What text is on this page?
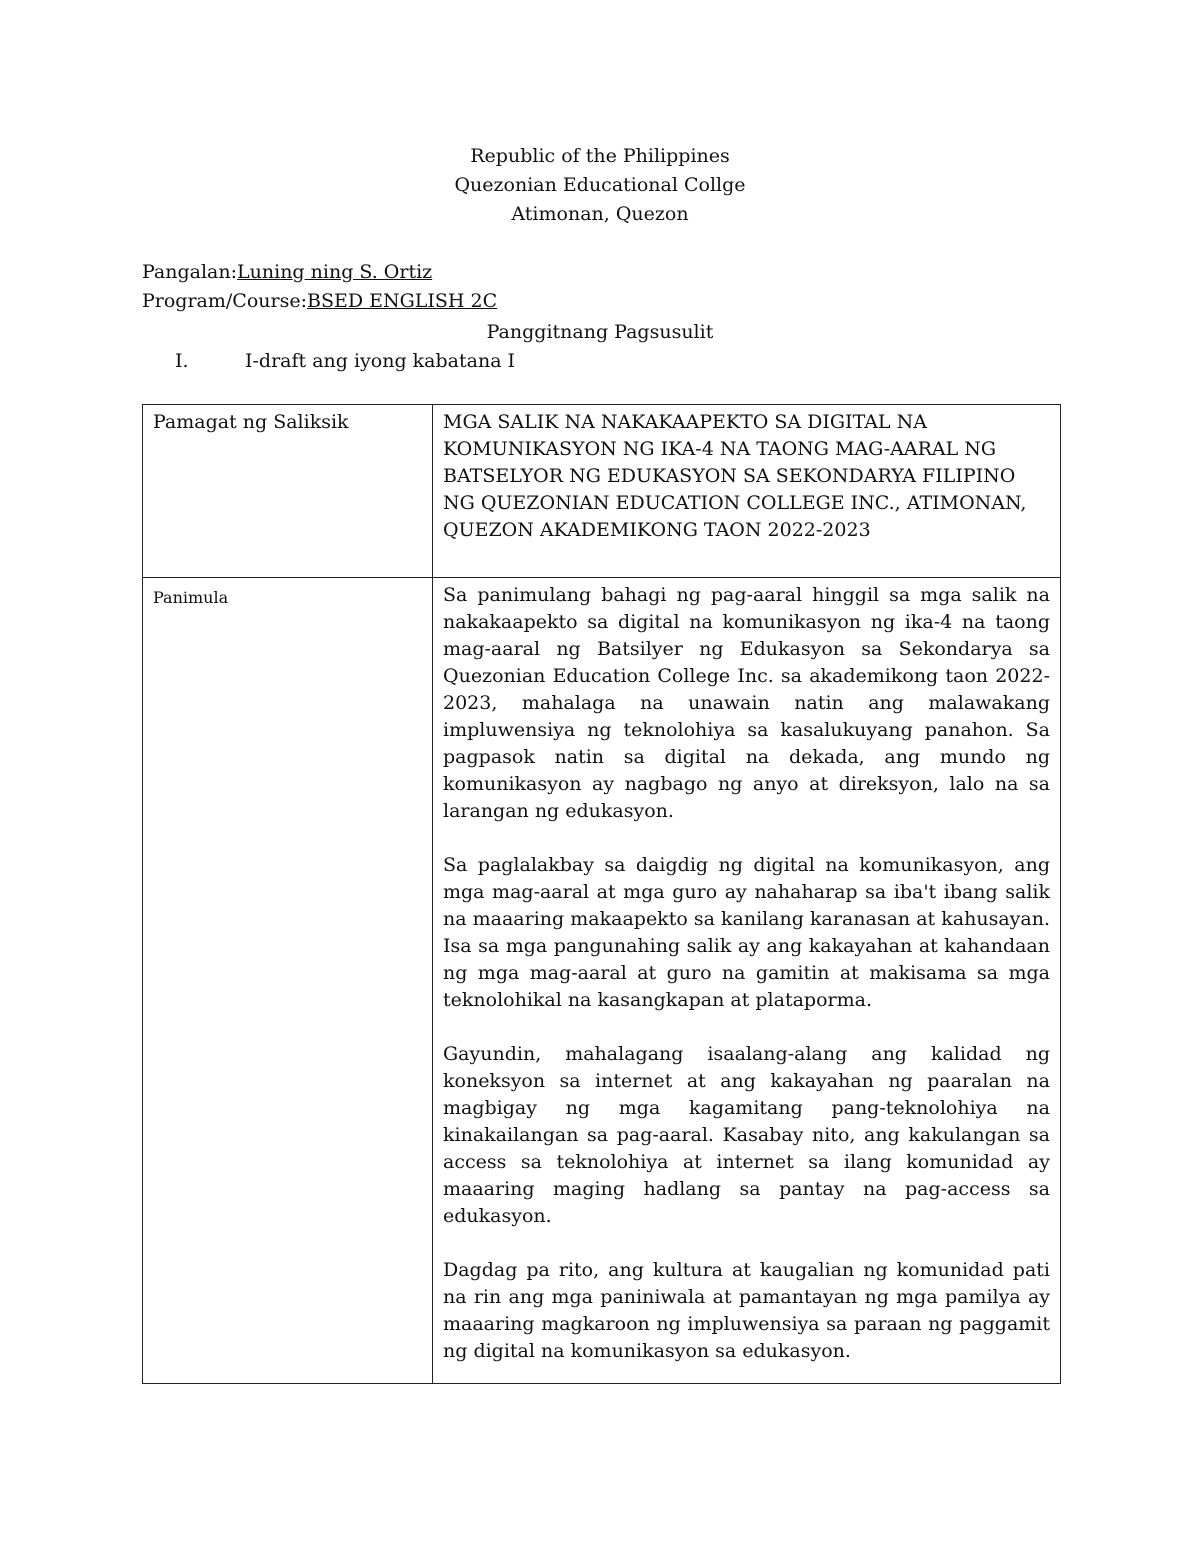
Republic of the Philippines
Quezonian Educational Collge
Atimonan, Quezon
Pangalan:Luning ning S. Ortiz
Program/Course:BSED ENGLISH 2C
Panggitnang Pagsusulit
I.	I-draft ang iyong kabatana I
Pamagat ng Saliksik	MGA SALIK NA NAKAKAAPEKTO SA DIGITAL NA KOMUNIKASYON NG IKA-4 NA TAONG MAG-AARAL NG BATSELYOR NG EDUKASYON SA SEKONDARYA FILIPINO NG QUEZONIAN EDUCATION COLLEGE INC., ATIMONAN, QUEZON AKADEMIKONG TAON 2022-2023
Panimula	Sa panimulang bahagi ng pag-aaral hinggil sa mga salik na nakakaapekto sa digital na komunikasyon ng ika-4 na taong mag-aaral ng Batsilyer ng Edukasyon sa Sekondarya sa Quezonian Education College Inc. sa akademikong taon 2022-2023, mahalaga na unawain natin ang malawakang impluwensiya ng teknolohiya sa kasalukuyang panahon. Sa pagpasok natin sa digital na dekada, ang mundo ng komunikasyon ay nagbago ng anyo at direksyon, lalo na sa larangan ng edukasyon.

Sa paglalakbay sa daigdig ng digital na komunikasyon, ang mga mag-aaral at mga guro ay nahaharap sa iba't ibang salik na maaaring makaapekto sa kanilang karanasan at kahusayan. Isa sa mga pangunahing salik ay ang kakayahan at kahandaan ng mga mag-aaral at guro na gamitin at makisama sa mga teknolohikal na kasangkapan at plataporma.

Gayundin, mahalagang isaalang-alang ang kalidad ng koneksyon sa internet at ang kakayahan ng paaralan na magbigay ng mga kagamitang pang-teknolohiya na kinakailangan sa pag-aaral. Kasabay nito, ang kakulangan sa access sa teknolohiya at internet sa ilang komunidad ay maaaring maging hadlang sa pantay na pag-access sa edukasyon.

Dagdag pa rito, ang kultura at kaugalian ng komunidad pati na rin ang mga paniniwala at pamantayan ng mga pamilya ay maaaring magkaroon ng impluwensiya sa paraan ng paggamit ng digital na komunikasyon sa edukasyon.
